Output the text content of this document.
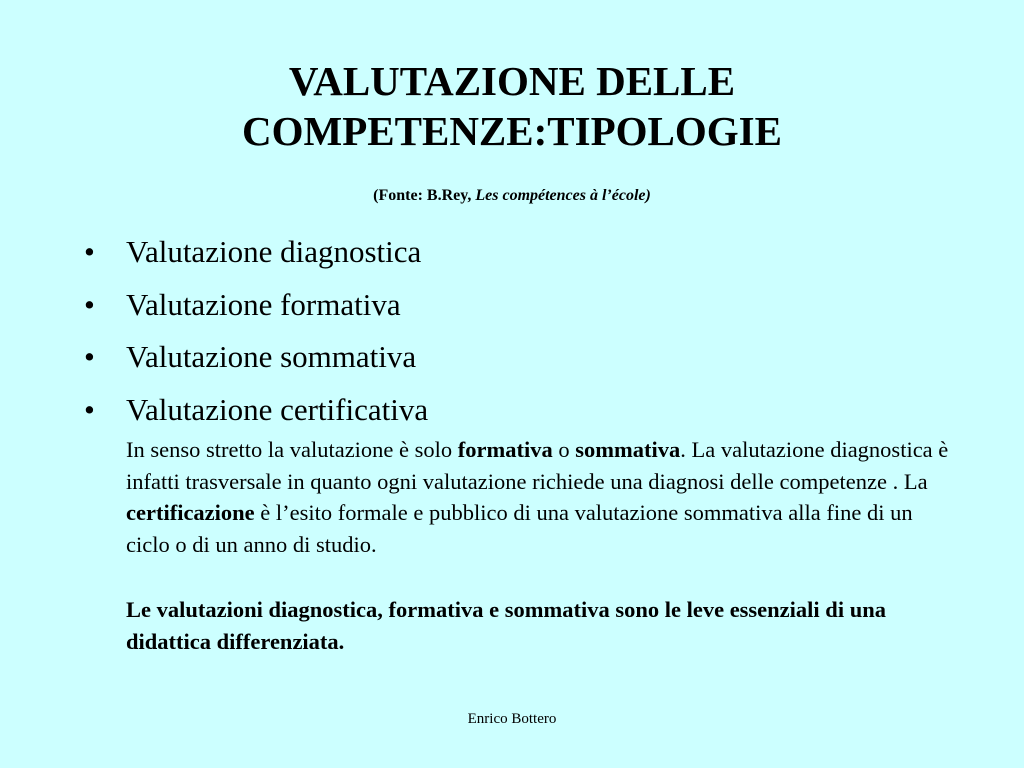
VALUTAZIONE DELLE
COMPETENZE:TIPOLOGIE
(Fonte: B.Rey, Les compétences à l’école)
• Valutazione diagnostica
• Valutazione formativa
• Valutazione sommativa
• Valutazione certificativa
In senso stretto la valutazione è solo formativa o sommativa. La valutazione diagnostica è infatti trasversale in quanto ogni valutazione richiede una diagnosi delle competenze . La certificazione è l’esito formale e pubblico di una valutazione sommativa alla fine di un ciclo o di un anno di studio.
Le valutazioni diagnostica, formativa e sommativa sono le leve essenziali di una didattica differenziata.
Enrico Bottero
